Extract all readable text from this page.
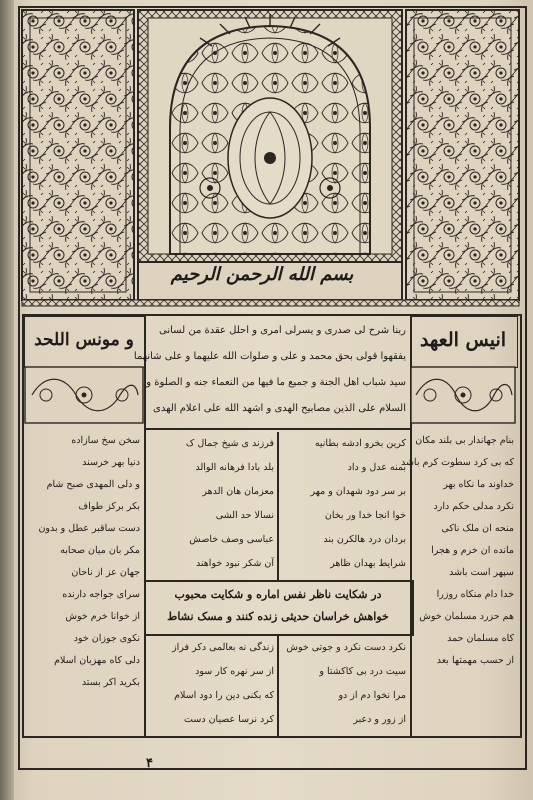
بسم الله الرحمن الرحيم
انیس العهد
و مونس اللحد	ربنا شرح لی صدری و یسرلی امری و احلل عقدة من لسانی

یفقهوا قولی بحق محمد و علی و صلوات الله علیهما و علی شانهما

سید شباب اهل الجنة و جمیع ما فیها من النعماء جنه و الصلوة و

السلام علی الذین مصابیح الهدی و اشهد الله علی اعلام الهدی

بنام جهاندار بی بلند مکان

که بی کرد سطوت کرم باشد

خداوند ما نکاه بهر

نکرد مدلی حکم دارد

منحه ان ملک ناکی

مانده ان خرم و هجرا

سپهر است باشد

خدا دام منکاه روزرا

هم حزرد مسلمان خوش

کاه مسلمان حمد

از حسب مهمتها بعد

سخن سخ سازاده

دنیا بهر خرسند

و دلی المهدی صبح شام

بکر برکز طواف

دست ساقبر عطل و بدون

مکر بان میان صحابه

جهان عز از ناحان

سرای جواجه دارنده

از خوانا خرم خوش

نکوی جوزان خود

دلی کاه مهزبان اسلام

بکرید اکر بستد

کرین بخرو ادشه بطانیه

بمنه عدل و داد

بر سر دود شهدان و مهر

خوا انجا خدا ور بخان

بردان درد هالکرن بند

شرایط بهدان ظاهر

فرزند ی شیخ جمال ک

بلد بادا فرهانه الوالد

معزمان هان الدهر

نسالا حد الشی

عباسی وصف خاصش

آن شکر نبود خواهند

در شکایت ناظر نفس اماره و شکایت محبوب
خواهش خراسان حدیثی زنده کنند و مسک نشاط

نکرد دست نکرد و جوتی خوش

سیت درد بی کاکشتا و

مرا نخوا دم از دو

از زور و دعبر

زندگی نه بعالمی دکر فراز

از سر نهره کار سود

که بکنی دین را دود اسلام

کرد نرسا عصیان دست

۴
